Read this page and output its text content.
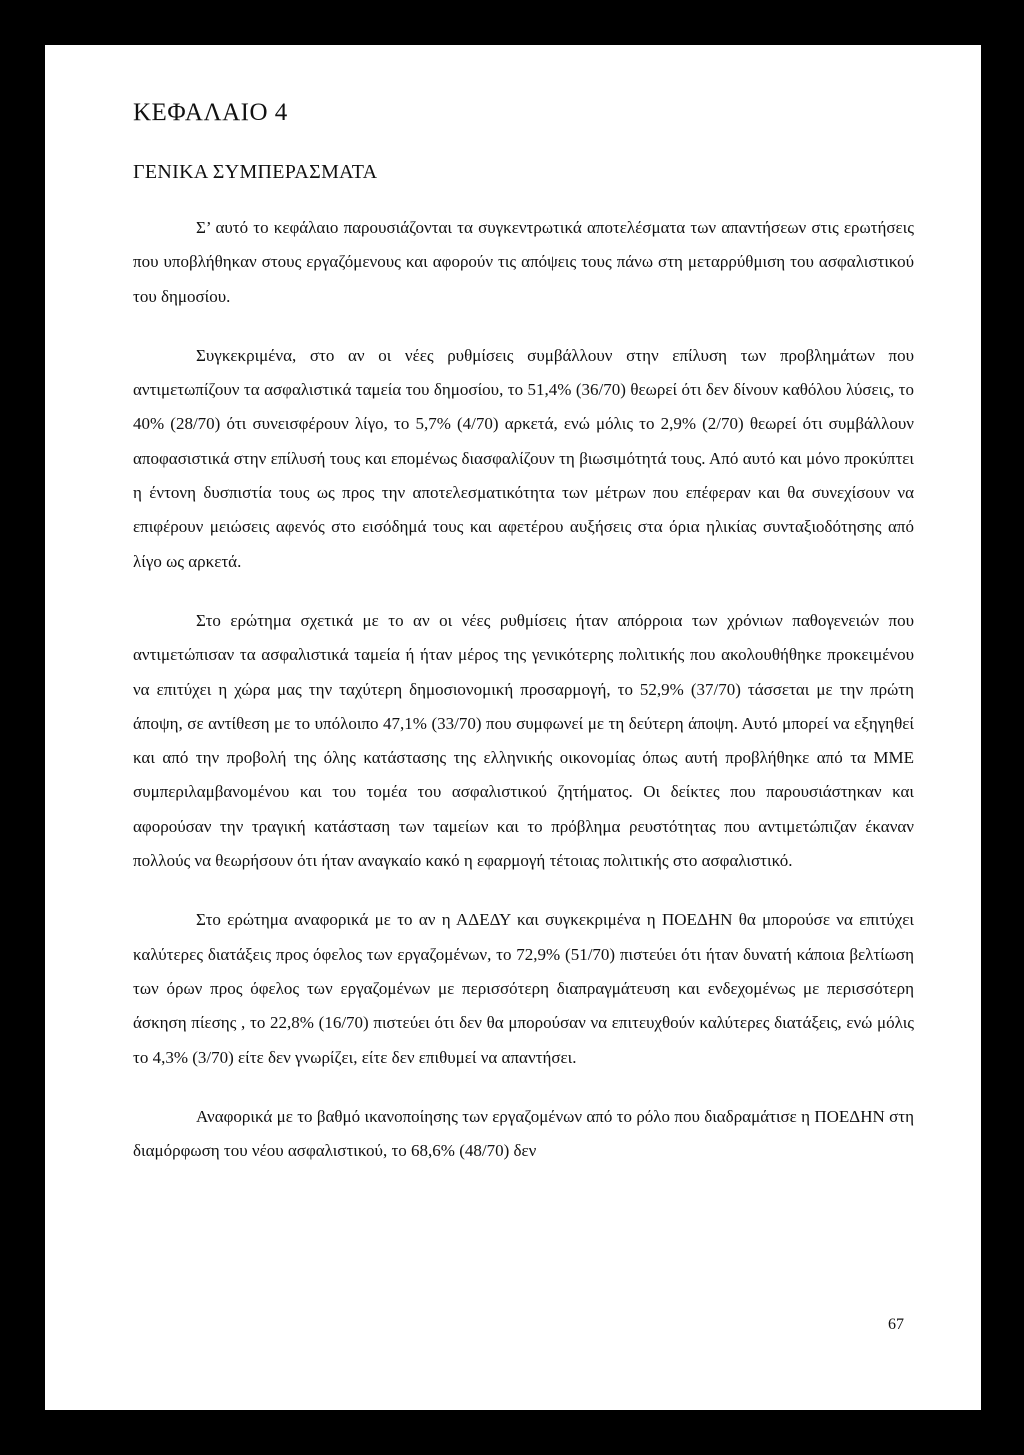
ΚΕΦΑΛΑΙΟ 4
ΓΕΝΙΚΑ ΣΥΜΠΕΡΑΣΜΑΤΑ

Σ’ αυτό το κεφάλαιο παρουσιάζονται τα συγκεντρωτικά αποτελέσματα των απαντήσεων στις ερωτήσεις που υποβλήθηκαν στους εργαζόμενους και αφορούν τις απόψεις τους πάνω στη μεταρρύθμιση του ασφαλιστικού του δημοσίου.

Συγκεκριμένα, στο αν οι νέες ρυθμίσεις συμβάλλουν στην επίλυση των προβλημάτων που αντιμετωπίζουν τα ασφαλιστικά ταμεία του δημοσίου, το 51,4% (36/70) θεωρεί ότι δεν δίνουν καθόλου λύσεις, το 40% (28/70) ότι συνεισφέρουν λίγο, το 5,7% (4/70) αρκετά, ενώ μόλις το 2,9% (2/70) θεωρεί ότι συμβάλλουν αποφασιστικά στην επίλυσή τους και επομένως διασφαλίζουν τη βιωσιμότητά τους. Από αυτό και μόνο προκύπτει η έντονη δυσπιστία τους ως προς την αποτελεσματικότητα των μέτρων που επέφεραν και θα συνεχίσουν να επιφέρουν μειώσεις αφενός στο εισόδημά τους και αφετέρου αυξήσεις στα όρια ηλικίας συνταξιοδότησης από λίγο ως αρκετά.

Στο ερώτημα σχετικά με το αν οι νέες ρυθμίσεις ήταν απόρροια των χρόνιων παθογενειών που αντιμετώπισαν τα ασφαλιστικά ταμεία ή ήταν μέρος της γενικότερης πολιτικής που ακολουθήθηκε προκειμένου να επιτύχει η χώρα μας την ταχύτερη δημοσιονομική προσαρμογή, το 52,9% (37/70) τάσσεται με την πρώτη άποψη, σε αντίθεση με το υπόλοιπο 47,1% (33/70) που συμφωνεί με τη δεύτερη άποψη. Αυτό μπορεί να εξηγηθεί και από την προβολή της όλης κατάστασης της ελληνικής οικονομίας όπως αυτή προβλήθηκε από τα ΜΜΕ συμπεριλαμβανομένου και του τομέα του ασφαλιστικού ζητήματος. Οι δείκτες που παρουσιάστηκαν και αφορούσαν την τραγική κατάσταση των ταμείων και το πρόβλημα ρευστότητας που αντιμετώπιζαν έκαναν πολλούς να θεωρήσουν ότι ήταν αναγκαίο κακό η εφαρμογή τέτοιας πολιτικής στο ασφαλιστικό.

Στο ερώτημα αναφορικά με το αν η ΑΔΕΔΥ και συγκεκριμένα η ΠΟΕΔΗΝ θα μπορούσε να επιτύχει καλύτερες διατάξεις προς όφελος των εργαζομένων, το 72,9% (51/70) πιστεύει ότι ήταν δυνατή κάποια βελτίωση των όρων προς όφελος των εργαζομένων με περισσότερη διαπραγμάτευση και ενδεχομένως με περισσότερη άσκηση πίεσης , το 22,8% (16/70) πιστεύει ότι δεν θα μπορούσαν να επιτευχθούν καλύτερες διατάξεις, ενώ μόλις το 4,3% (3/70) είτε δεν γνωρίζει, είτε δεν επιθυμεί να απαντήσει.

Αναφορικά με το βαθμό ικανοποίησης των εργαζομένων από το ρόλο που διαδραμάτισε η ΠΟΕΔΗΝ στη διαμόρφωση του νέου ασφαλιστικού, το 68,6% (48/70) δεν

67
